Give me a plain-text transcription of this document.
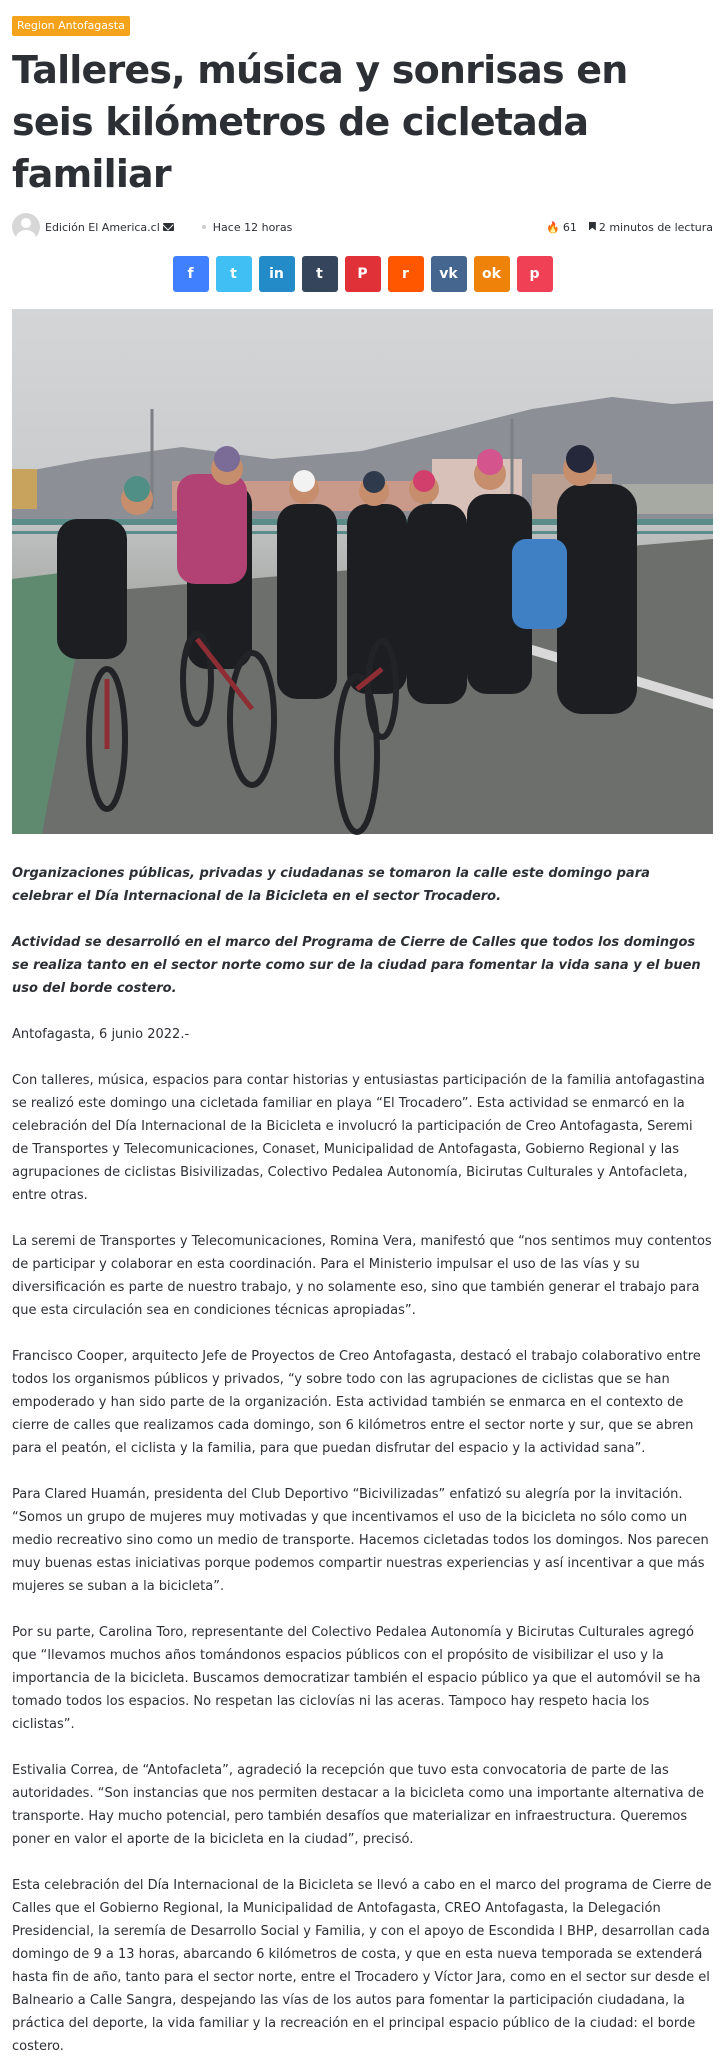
Region Antofagasta
Talleres, música y sonrisas en seis kilómetros de cicletada familiar
Edición El America.cl	Hace 12 horas	🔥 61	2 minutos de lectura
f	t in t P r vk ok p

Organizaciones públicas, privadas y ciudadanas se tomaron la calle este domingo para celebrar el Día Internacional de la Bicicleta en el sector Trocadero.

Actividad se desarrolló en el marco del Programa de Cierre de Calles que todos los domingos se realiza tanto en el sector norte como sur de la ciudad para fomentar la vida sana y el buen uso del borde costero.

Antofagasta, 6 junio 2022.-

Con talleres, música, espacios para contar historias y entusiastas participación de la familia antofagastina se realizó este domingo una cicletada familiar en playa “El Trocadero”. Esta actividad se enmarcó en la celebración del Día Internacional de la Bicicleta e involucró la participación de Creo Antofagasta, Seremi de Transportes y Telecomunicaciones, Conaset, Municipalidad de Antofagasta, Gobierno Regional y las agrupaciones de ciclistas Bisivilizadas, Colectivo Pedalea Autonomía, Bicirutas Culturales y Antofacleta, entre otras.

La seremi de Transportes y Telecomunicaciones, Romina Vera, manifestó que “nos sentimos muy contentos de participar y colaborar en esta coordinación. Para el Ministerio impulsar el uso de las vías y su diversificación es parte de nuestro trabajo, y no solamente eso, sino que también generar el trabajo para que esta circulación sea en condiciones técnicas apropiadas”.

Francisco Cooper, arquitecto Jefe de Proyectos de Creo Antofagasta, destacó el trabajo colaborativo entre todos los organismos públicos y privados, “y sobre todo con las agrupaciones de ciclistas que se han empoderado y han sido parte de la organización. Esta actividad también se enmarca en el contexto de cierre de calles que realizamos cada domingo, son 6 kilómetros entre el sector norte y sur, que se abren para el peatón, el ciclista y la familia, para que puedan disfrutar del espacio y la actividad sana”.

Para Clared Huamán, presidenta del Club Deportivo “Bicivilizadas” enfatizó su alegría por la invitación. “Somos un grupo de mujeres muy motivadas y que incentivamos el uso de la bicicleta no sólo como un medio recreativo sino como un medio de transporte. Hacemos cicletadas todos los domingos. Nos parecen muy buenas estas iniciativas porque podemos compartir nuestras experiencias y así incentivar a que más mujeres se suban a la bicicleta”.

Por su parte, Carolina Toro, representante del Colectivo Pedalea Autonomía y Bicirutas Culturales agregó que “llevamos muchos años tomándonos espacios públicos con el propósito de visibilizar el uso y la importancia de la bicicleta. Buscamos democratizar también el espacio público ya que el automóvil se ha tomado todos los espacios. No respetan las ciclovías ni las aceras. Tampoco hay respeto hacia los ciclistas”.

Estivalia Correa, de “Antofacleta”, agradeció la recepción que tuvo esta convocatoria de parte de las autoridades. “Son instancias que nos permiten destacar a la bicicleta como una importante alternativa de transporte. Hay mucho potencial, pero también desafíos que materializar en infraestructura. Queremos poner en valor el aporte de la bicicleta en la ciudad”, precisó.

Esta celebración del Día Internacional de la Bicicleta se llevó a cabo en el marco del programa de Cierre de Calles que el Gobierno Regional, la Municipalidad de Antofagasta, CREO Antofagasta, la Delegación Presidencial, la seremía de Desarrollo Social y Familia, y con el apoyo de Escondida I BHP, desarrollan cada domingo de 9 a 13 horas, abarcando 6 kilómetros de costa, y que en esta nueva temporada se extenderá hasta fin de año, tanto para el sector norte, entre el Trocadero y Víctor Jara, como en el sector sur desde el Balneario a Calle Sangra, despejando las vías de los autos para fomentar la participación ciudadana, la práctica del deporte, la vida familiar y la recreación en el principal espacio público de la ciudad: el borde costero.
